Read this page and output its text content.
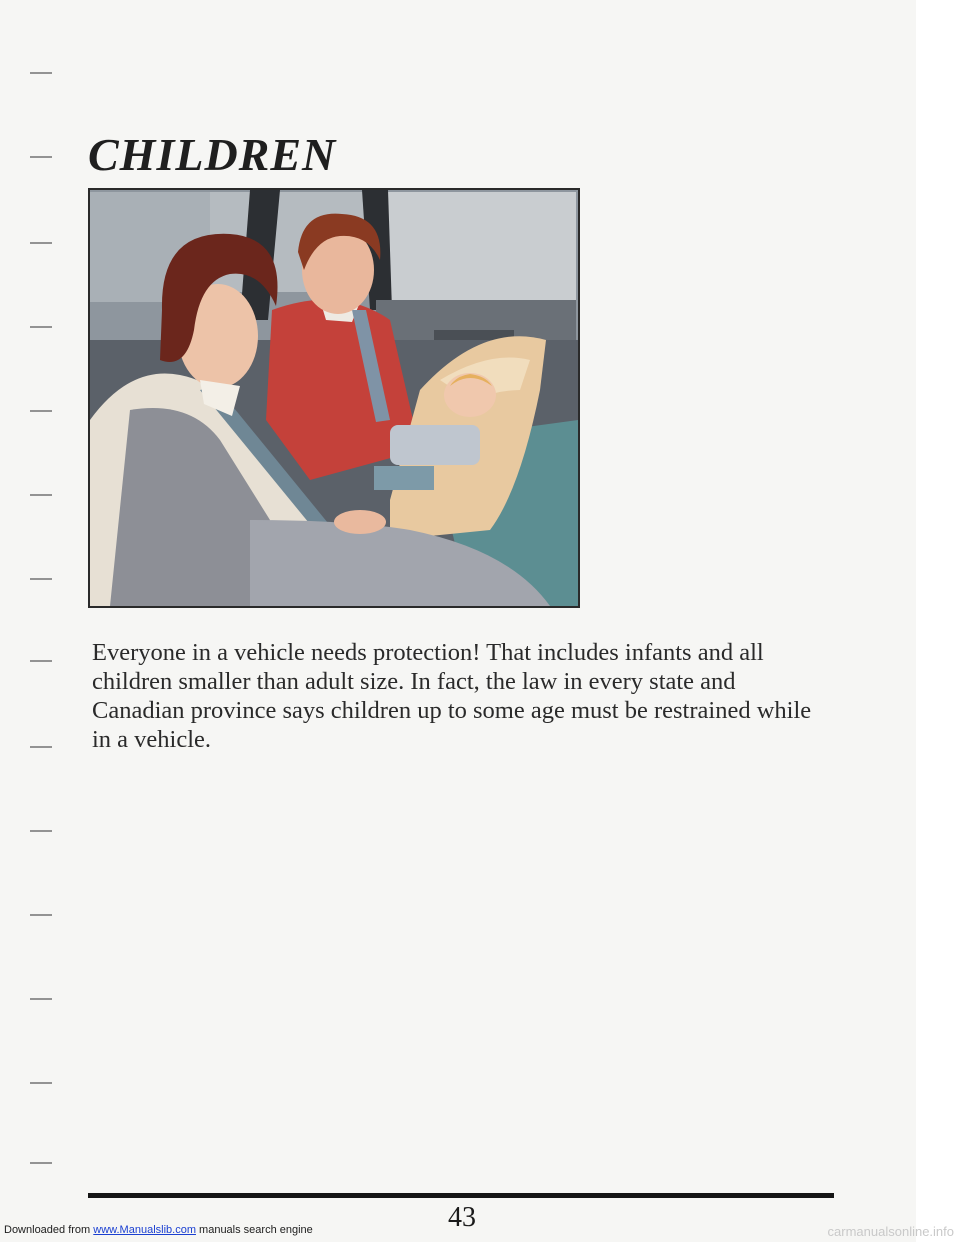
CHILDREN

Everyone in a vehicle needs protection! That includes infants and all children smaller than adult size. In fact, the law in every state and Canadian province says children up to some age must be restrained while in a vehicle.

43
Downloaded from www.Manualslib.com manuals search engine	carmanualsonline.info
